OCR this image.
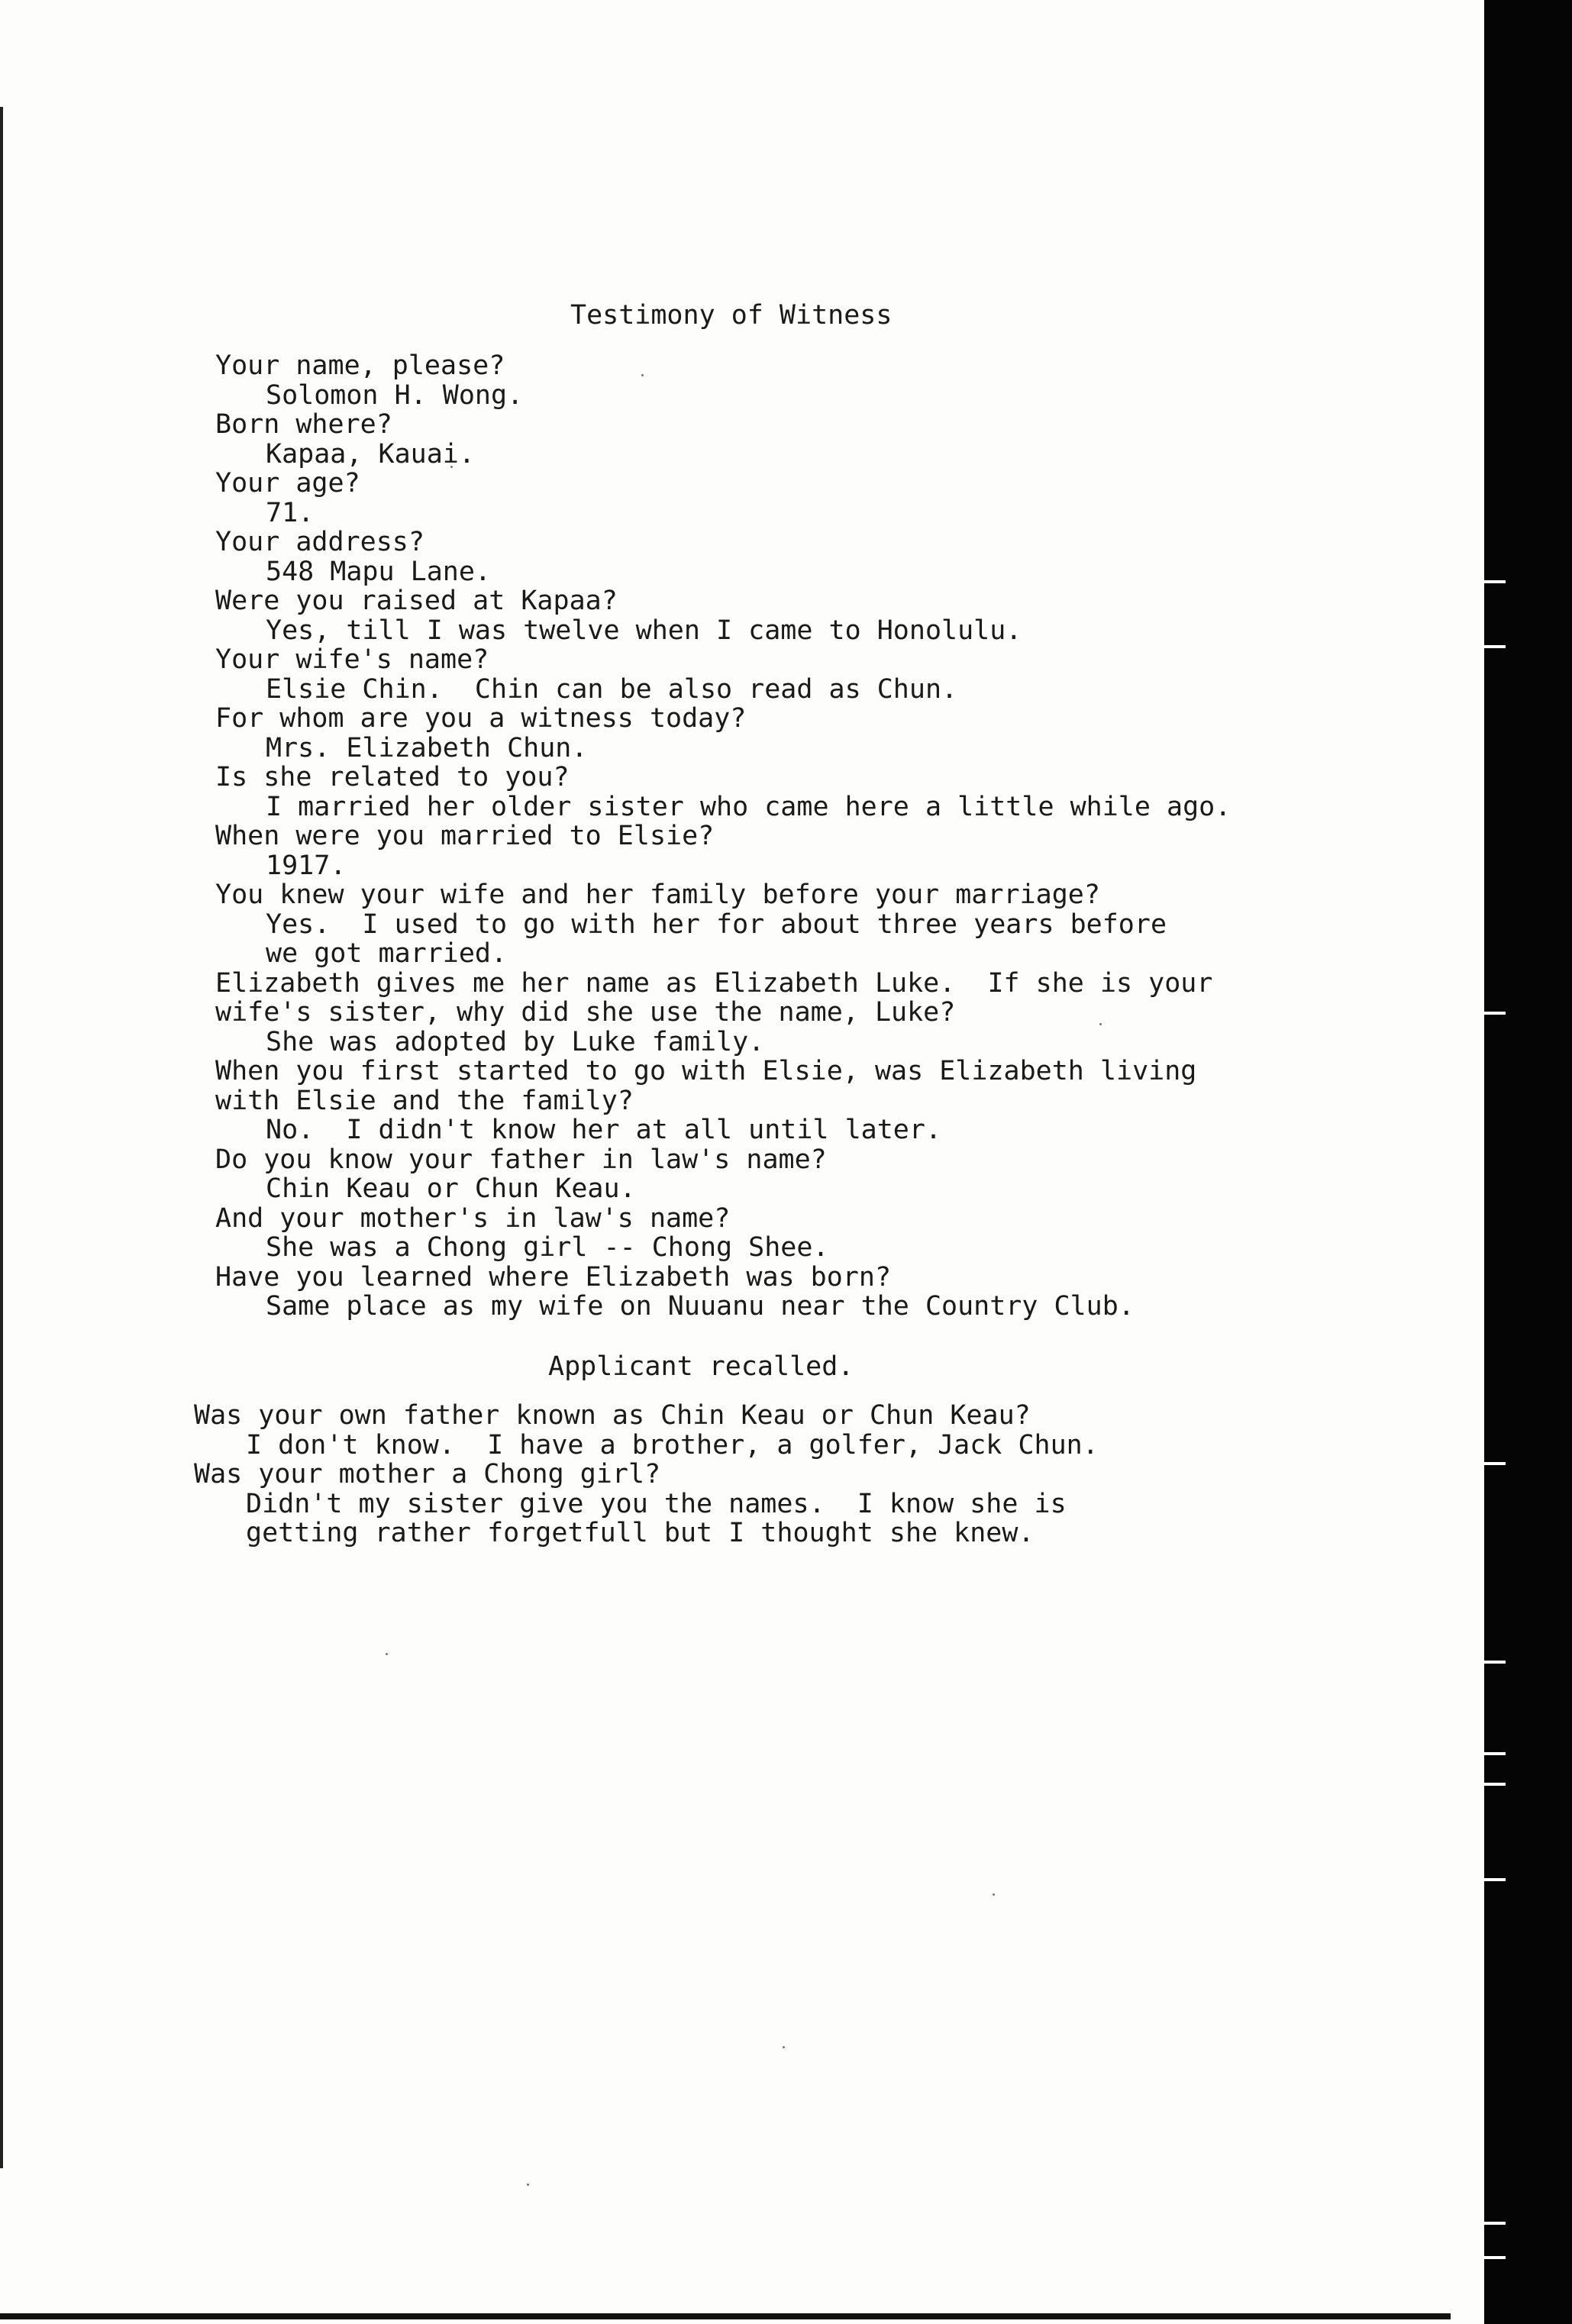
Testimony of Witness
Your name, please?
Solomon H. Wong.
Born where?
Kapaa, Kauai.
Your age?
71.
Your address?
548 Mapu Lane.
Were you raised at Kapaa?
Yes, till I was twelve when I came to Honolulu.
Your wife's name?
Elsie Chin.  Chin can be also read as Chun.
For whom are you a witness today?
Mrs. Elizabeth Chun.
Is she related to you?
I married her older sister who came here a little while ago.
When were you married to Elsie?
1917.
You knew your wife and her family before your marriage?
Yes.  I used to go with her for about three years before
we got married.
Elizabeth gives me her name as Elizabeth Luke.  If she is your
wife's sister, why did she use the name, Luke?
She was adopted by Luke family.
When you first started to go with Elsie, was Elizabeth living
with Elsie and the family?
No.  I didn't know her at all until later.
Do you know your father in law's name?
Chin Keau or Chun Keau.
And your mother's in law's name?
She was a Chong girl -- Chong Shee.
Have you learned where Elizabeth was born?
Same place as my wife on Nuuanu near the Country Club.
Applicant recalled.
Was your own father known as Chin Keau or Chun Keau?
I don't know.  I have a brother, a golfer, Jack Chun.
Was your mother a Chong girl?
Didn't my sister give you the names.  I know she is
getting rather forgetfull but I thought she knew.
